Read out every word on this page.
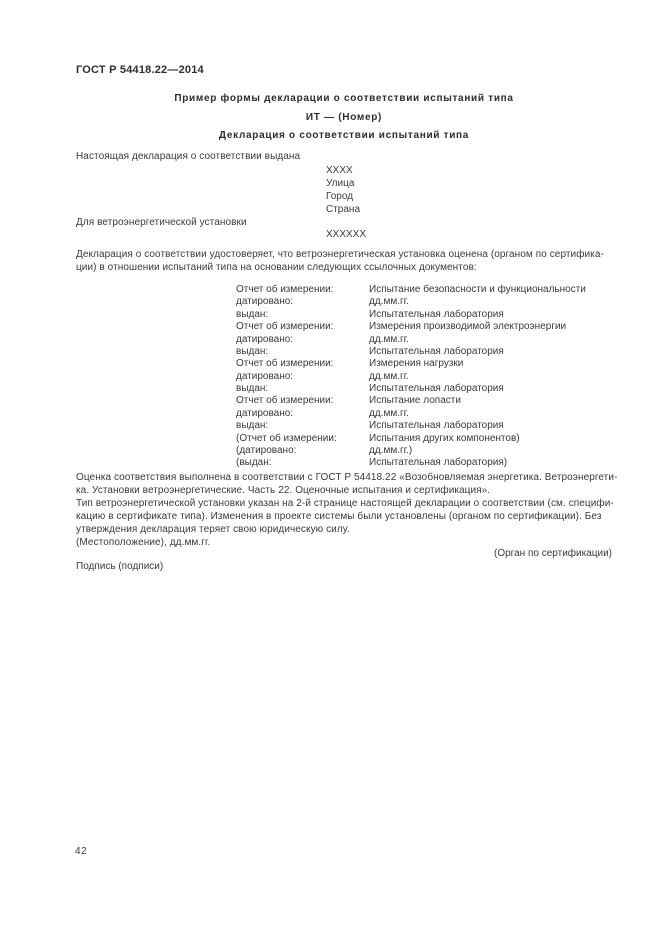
ГОСТ Р 54418.22—2014
Пример формы декларации о соответствии испытаний типа
ИТ — (Номер)
Декларация о соответствии испытаний типа
Настоящая декларация о соответствии выдана
ХХХХ
Улица
Город
Страна
Для ветроэнергетической установки
ХХХХХХ
Декларация о соответствии удостоверяет, что ветроэнергетическая установка оценена (органом по сертифика-
ции) в отношении испытаний типа на основании следующих ссылочных документов:
Отчет об измерении:	Испытание безопасности и функциональности
датировано:	дд.мм.гг.
выдан:	Испытательная лаборатория
Отчет об измерении:	Измерения производимой электроэнергии
датировано:	дд.мм.гг.
выдан:	Испытательная лаборатория
Отчет об измерении:	Измерения нагрузки
датировано:	дд.мм.гг.
выдан:	Испытательная лаборатория
Отчет об измерении:	Испытание лопасти
датировано:	дд.мм.гг.
выдан:	Испытательная лаборатория
(Отчет об измерении:	Испытания других компонентов)
(датировано:	дд.мм.гг.)
(выдан:	Испытательная лаборатория)
Оценка соответствия выполнена в соответствии с ГОСТ Р 54418.22 «Возобновляемая энергетика. Ветроэнергети-
ка. Установки ветроэнергетические. Часть 22. Оценочные испытания и сертификация».
Тип ветроэнергетической установки указан на 2-й странице настоящей декларации о соответствии (см. специфи-
кацию в сертификате типа). Изменения в проекте системы были установлены (органом по сертификации). Без
утверждения декларация теряет свою юридическую силу.
(Местоположение), дд.мм.гг.
(Орган по сертификации)
Подпись (подписи)
42
